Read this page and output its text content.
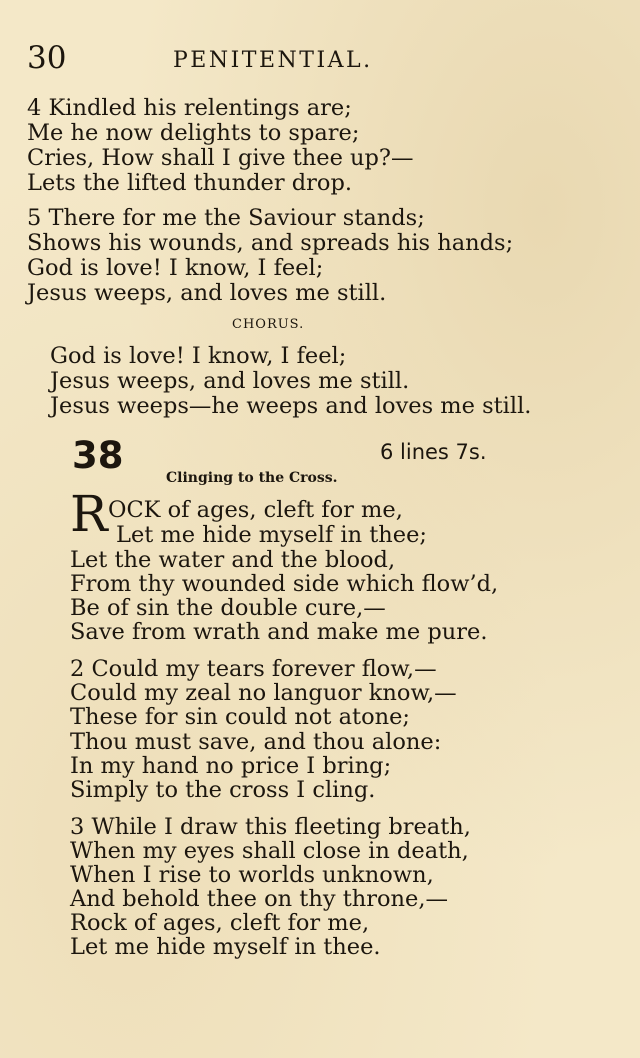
30	PENITENTIAL.
4 Kindled his relentings are;
Me he now delights to spare;
Cries, How shall I give thee up?—
Lets the lifted thunder drop.
5 There for me the Saviour stands;
Shows his wounds, and spreads his hands;
God is love! I know, I feel;
Jesus weeps, and loves me still.
CHORUS.
God is love! I know, I feel;
Jesus weeps, and loves me still.
Jesus weeps—he weeps and loves me still.
38	6 lines 7s.
Clinging to the Cross.
R OCK of ages, cleft for me,
Let me hide myself in thee;
Let the water and the blood,
From thy wounded side which flow’d,
Be of sin the double cure,—
Save from wrath and make me pure.
2 Could my tears forever flow,—
Could my zeal no languor know,—
These for sin could not atone;
Thou must save, and thou alone:
In my hand no price I bring;
Simply to the cross I cling.
3 While I draw this fleeting breath,
When my eyes shall close in death,
When I rise to worlds unknown,
And behold thee on thy throne,—
Rock of ages, cleft for me,
Let me hide myself in thee.
